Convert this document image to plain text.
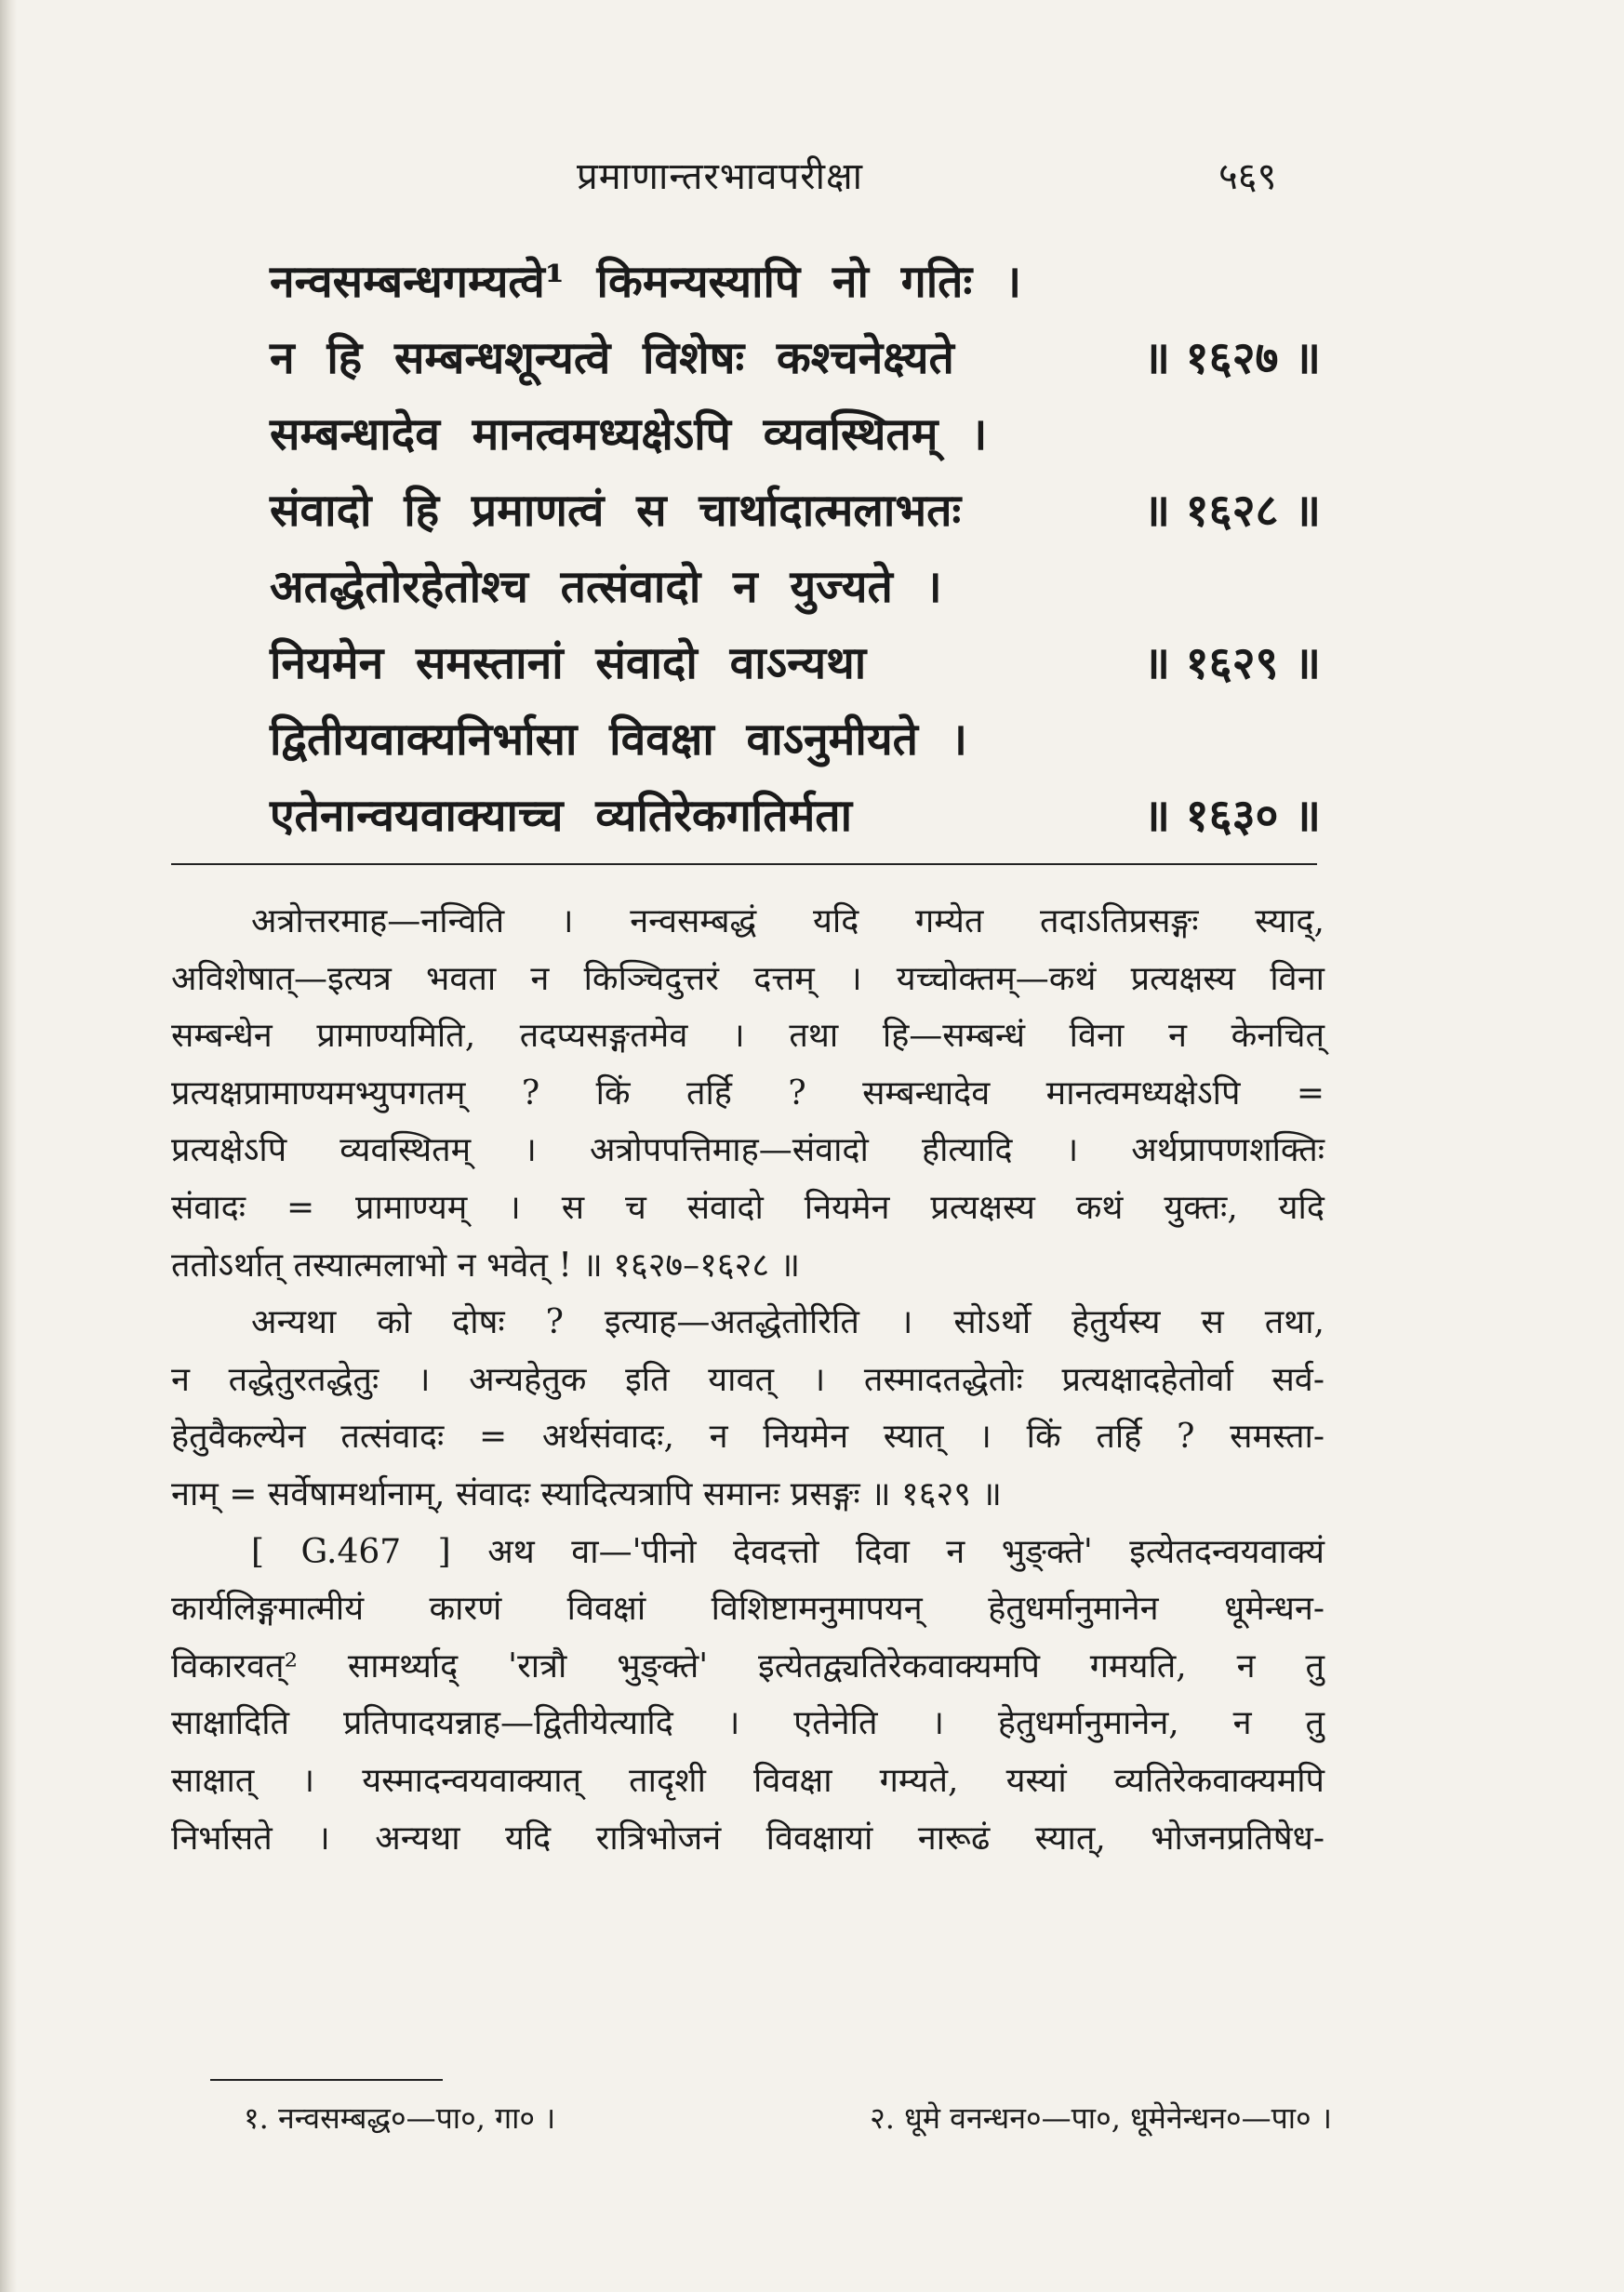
प्रमाणान्तरभावपरीक्षा	५६९
नन्वसम्बन्धगम्यत्वे¹ किमन्यस्यापि नो गतिः ।
न हि सम्बन्धशून्यत्वे विशेषः कश्चनेक्ष्यते	॥ १६२७ ॥
सम्बन्धादेव मानत्वमध्यक्षेऽपि व्यवस्थितम् ।
संवादो हि प्रमाणत्वं स चार्थादात्मलाभतः	॥ १६२८ ॥
अतद्धेतोरहेतोश्च तत्संवादो न युज्यते ।
नियमेन समस्तानां संवादो वाऽन्यथा	॥ १६२९ ॥
द्वितीयवाक्यनिर्भासा विवक्षा वाऽनुमीयते ।
एतेनान्वयवाक्याच्च व्यतिरेकगतिर्मता	॥ १६३० ॥
अत्रोत्तरमाह—नन्विति । नन्वसम्बद्धं यदि गम्येत तदाऽतिप्रसङ्गः स्याद्,
अविशेषात्—इत्यत्र भवता न किञ्चिदुत्तरं दत्तम् । यच्चोक्तम्—कथं प्रत्यक्षस्य विना
सम्बन्धेन प्रामाण्यमिति, तदप्यसङ्गतमेव । तथा हि—सम्बन्धं विना न केनचित्
प्रत्यक्षप्रामाण्यमभ्युपगतम् ? किं तर्हि ? सम्बन्धादेव मानत्वमध्यक्षेऽपि =
प्रत्यक्षेऽपि व्यवस्थितम् । अत्रोपपत्तिमाह—संवादो हीत्यादि । अर्थप्रापणशक्तिः
संवादः = प्रामाण्यम् । स च संवादो नियमेन प्रत्यक्षस्य कथं युक्तः, यदि
ततोऽर्थात् तस्यात्मलाभो न भवेत् ! ॥ १६२७–१६२८ ॥
अन्यथा को दोषः ? इत्याह—अतद्धेतोरिति । सोऽर्थो हेतुर्यस्य स तथा,
न तद्धेतुरतद्धेतुः । अन्यहेतुक इति यावत् । तस्मादतद्धेतोः प्रत्यक्षादहेतोर्वा सर्व-
हेतुवैकल्येन तत्संवादः = अर्थसंवादः, न नियमेन स्यात् । किं तर्हि ? समस्ता-
नाम् = सर्वेषामर्थानाम्, संवादः स्यादित्यत्रापि समानः प्रसङ्गः ॥ १६२९ ॥
[ G.467 ] अथ वा—'पीनो देवदत्तो दिवा न भुङ्क्ते' इत्येतदन्वयवाक्यं
कार्यलिङ्गमात्मीयं कारणं विवक्षां विशिष्टामनुमापयन् हेतुधर्मानुमानेन धूमेन्धन-
विकारवत्² सामर्थ्याद् 'रात्रौ भुङ्क्ते' इत्येतद्व्यतिरेकवाक्यमपि गमयति, न तु
साक्षादिति प्रतिपादयन्नाह—द्वितीयेत्यादि । एतेनेति । हेतुधर्मानुमानेन, न तु
साक्षात् । यस्मादन्वयवाक्यात् तादृशी विवक्षा गम्यते, यस्यां व्यतिरेकवाक्यमपि
निर्भासते । अन्यथा यदि रात्रिभोजनं विवक्षायां नारूढं स्यात्, भोजनप्रतिषेध-
१. नन्वसम्बद्ध०—पा०, गा० ।	२. धूमे वनन्धन०—पा०, धूमेनेन्धन०—पा० ।
